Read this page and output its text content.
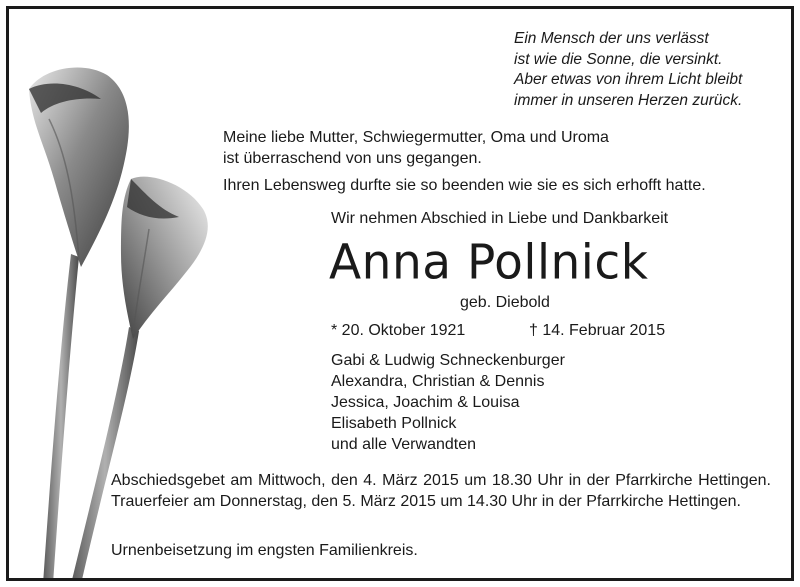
Ein Mensch der uns verlässt
ist wie die Sonne, die versinkt.
Aber etwas von ihrem Licht bleibt
immer in unseren Herzen zurück.
Meine liebe Mutter, Schwiegermutter, Oma und Uroma
ist überraschend von uns gegangen.
Ihren Lebensweg durfte sie so beenden wie sie es sich erhofft hatte.
Wir nehmen Abschied in Liebe und Dankbarkeit
Anna Pollnick
geb. Diebold
* 20. Oktober 1921	† 14. Februar 2015
Gabi & Ludwig Schneckenburger
Alexandra, Christian & Dennis
Jessica, Joachim & Louisa
Elisabeth Pollnick
und alle Verwandten
Abschiedsgebet am Mittwoch, den 4. März 2015 um 18.30 Uhr in der Pfarrkirche Hettingen. Trauerfeier am Donnerstag, den 5. März 2015 um 14.30 Uhr in der Pfarrkirche Hettingen.
Urnenbeisetzung im engsten Familienkreis.
